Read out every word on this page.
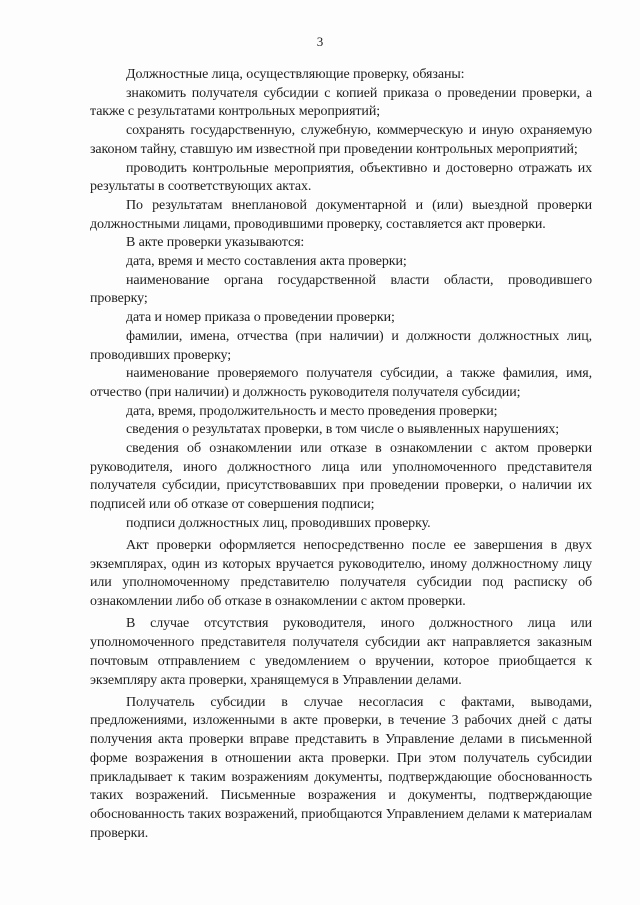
3

Должностные лица, осуществляющие проверку, обязаны:

знакомить получателя субсидии с копией приказа о проведении проверки, а также с результатами контрольных мероприятий;

сохранять государственную, служебную, коммерческую и иную охраняемую законом тайну, ставшую им известной при проведении контрольных мероприятий;

проводить контрольные мероприятия, объективно и достоверно отражать их результаты в соответствующих актах.

По результатам внеплановой документарной и (или) выездной проверки должностными лицами, проводившими проверку, составляется акт проверки.

В акте проверки указываются:

дата, время и место составления акта проверки;

наименование органа государственной власти области, проводившего проверку;

дата и номер приказа о проведении проверки;

фамилии, имена, отчества (при наличии) и должности должностных лиц, проводивших проверку;

наименование проверяемого получателя субсидии, а также фамилия, имя, отчество (при наличии) и должность руководителя получателя субсидии;

дата, время, продолжительность и место проведения проверки;

сведения о результатах проверки, в том числе о выявленных нарушениях;

сведения об ознакомлении или отказе в ознакомлении с актом проверки руководителя, иного должностного лица или уполномоченного представителя получателя субсидии, присутствовавших при проведении проверки, о наличии их подписей или об отказе от совершения подписи;

подписи должностных лиц, проводивших проверку.

Акт проверки оформляется непосредственно после ее завершения в двух экземплярах, один из которых вручается руководителю, иному должностному лицу или уполномоченному представителю получателя субсидии под расписку об ознакомлении либо об отказе в ознакомлении с актом проверки.

В случае отсутствия руководителя, иного должностного лица или уполномоченного представителя получателя субсидии акт направляется заказным почтовым отправлением с уведомлением о вручении, которое приобщается к экземпляру акта проверки, хранящемуся в Управлении делами.

Получатель субсидии в случае несогласия с фактами, выводами, предложениями, изложенными в акте проверки, в течение 3 рабочих дней с даты получения акта проверки вправе представить в Управление делами в письменной форме возражения в отношении акта проверки. При этом получатель субсидии прикладывает к таким возражениям документы, подтверждающие обоснованность таких возражений. Письменные возражения и документы, подтверждающие обоснованность таких возражений, приобщаются Управлением делами к материалам проверки.
